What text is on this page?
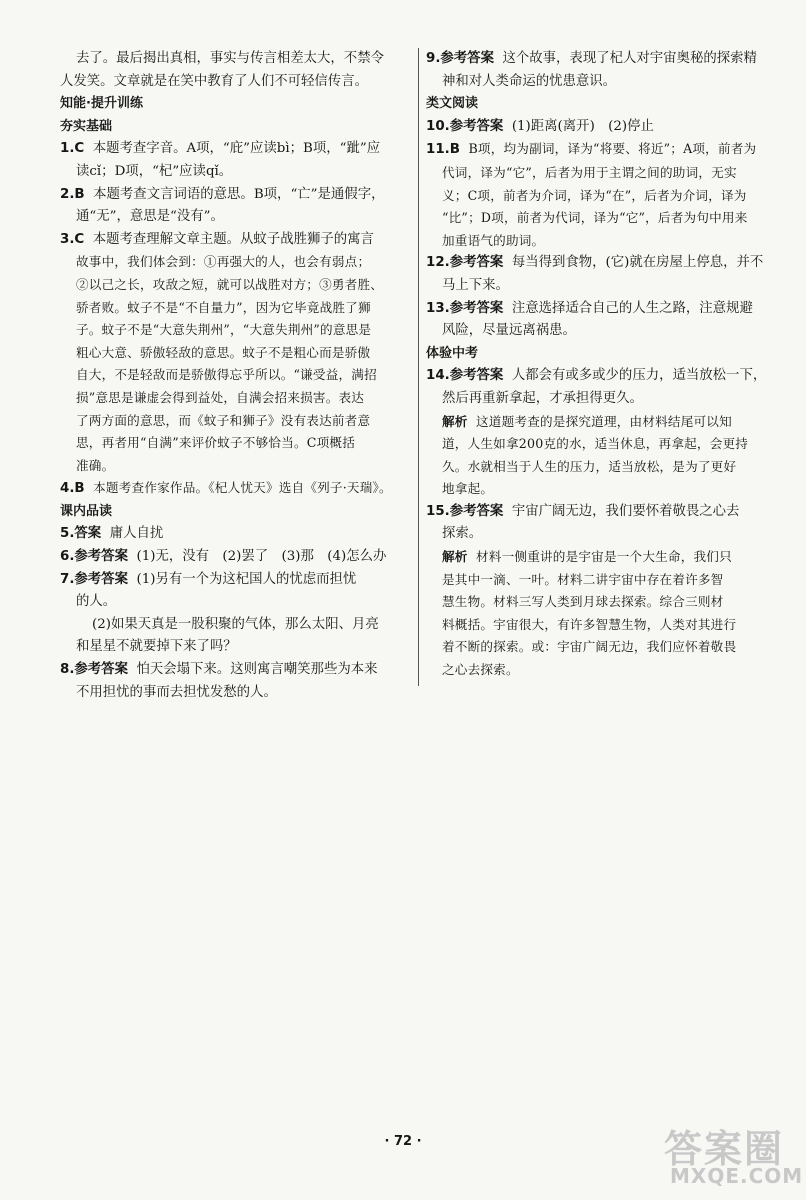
去了。最后揭出真相，事实与传言相差太大，不禁令

人发笑。文章就是在笑中教育了人们不可轻信传言。

知能·提升训练

夯实基础

1.C 本题考查字音。A项，“庇”应读bì；B项，“跐”应

读cǐ；D项，“杞”应读qǐ。

2.B 本题考查文言词语的意思。B项，“亡”是通假字，

通“无”，意思是“没有”。

3.C 本题考查理解文章主题。从蚊子战胜狮子的寓言

故事中，我们体会到：①再强大的人，也会有弱点；

②以己之长，攻敌之短，就可以战胜对方；③勇者胜、

骄者败。蚊子不是“不自量力”，因为它毕竟战胜了狮

子。蚊子不是“大意失荆州”，“大意失荆州”的意思是

粗心大意、骄傲轻敌的意思。蚊子不是粗心而是骄傲

自大，不是轻敌而是骄傲得忘乎所以。“谦受益，满招

损”意思是谦虚会得到益处，自满会招来损害。表达

了两方面的意思，而《蚊子和狮子》没有表达前者意

思，再者用“自满”来评价蚊子不够恰当。C项概括

准确。

4.B 本题考查作家作品。《杞人忧天》选自《列子·天瑞》。

课内品读

5.答案 庸人自扰

6.参考答案 (1)无，没有　(2)罢了　(3)那　(4)怎么办

7.参考答案 (1)另有一个为这杞国人的忧虑而担忧

的人。

(2)如果天真是一股积聚的气体，那么太阳、月亮

和星星不就要掉下来了吗？

8.参考答案 怕天会塌下来。这则寓言嘲笑那些为本来

不用担忧的事而去担忧发愁的人。

9.参考答案 这个故事，表现了杞人对宇宙奥秘的探索精

神和对人类命运的忧患意识。

类文阅读

10.参考答案 (1)距离(离开)　(2)停止

11.B B项，均为副词，译为“将要、将近”；A项，前者为

代词，译为“它”，后者为用于主谓之间的助词，无实

义；C项，前者为介词，译为“在”，后者为介词，译为

“比”；D项，前者为代词，译为“它”，后者为句中用来

加重语气的助词。

12.参考答案 每当得到食物，(它)就在房屋上停息，并不

马上下来。

13.参考答案 注意选择适合自己的人生之路，注意规避

风险，尽量远离祸患。

体验中考

14.参考答案 人都会有或多或少的压力，适当放松一下，

然后再重新拿起，才承担得更久。

解析 这道题考查的是探究道理，由材料结尾可以知

道，人生如拿200克的水，适当休息，再拿起，会更持

久。水就相当于人生的压力，适当放松，是为了更好

地拿起。

15.参考答案 宇宙广阔无边，我们要怀着敬畏之心去

探索。

解析 材料一侧重讲的是宇宙是一个大生命，我们只

是其中一滴、一叶。材料二讲宇宙中存在着许多智

慧生物。材料三写人类到月球去探索。综合三则材

料概括。宇宙很大，有许多智慧生物，人类对其进行

着不断的探索。或：宇宙广阔无边，我们应怀着敬畏

之心去探索。

· 72 ·	答案圈
MXQE.COM
